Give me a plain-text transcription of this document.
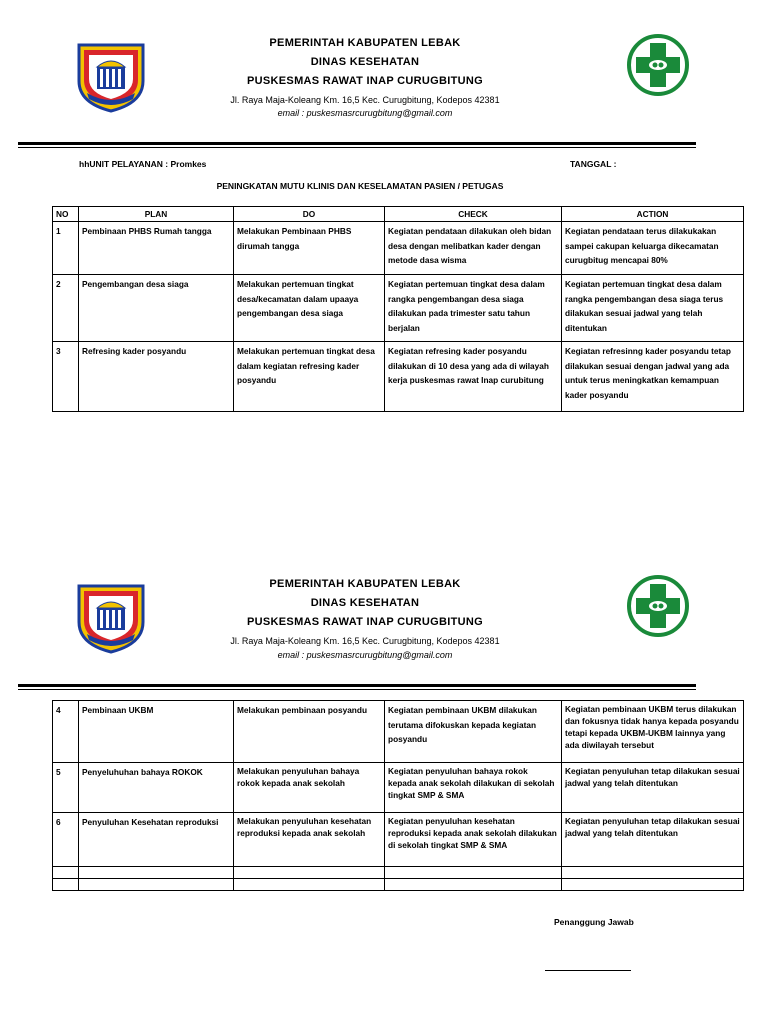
PEMERINTAH KABUPATEN LEBAK
DINAS KESEHATAN
PUSKESMAS RAWAT INAP CURUGBITUNG
Jl. Raya Maja-Koleang Km. 16,5 Kec. Curugbitung, Kodepos 42381
email : puskesmasrcurugbitung@gmail.com
hhUNIT PELAYANAN : Promkes	TANGGAL :
PENINGKATAN MUTU KLINIS DAN KESELAMATAN PASIEN / PETUGAS
NO	PLAN	DO	CHECK	ACTION
1	Pembinaan PHBS Rumah tangga	Melakukan Pembinaan PHBS dirumah tangga	Kegiatan pendataan dilakukan oleh bidan desa dengan melibatkan kader dengan metode dasa wisma	Kegiatan pendataan terus dilakukakan sampei cakupan keluarga dikecamatan curugbitug mencapai 80%
2	Pengembangan desa siaga	Melakukan pertemuan tingkat desa/kecamatan dalam upaaya pengembangan desa siaga	Kegiatan pertemuan tingkat desa dalam rangka pengembangan desa siaga dilakukan pada trimester satu tahun berjalan	Kegiatan pertemuan tingkat desa dalam rangka pengembangan desa siaga terus dilakukan sesuai jadwal yang telah ditentukan
3	Refresing kader posyandu	Melakukan pertemuan tingkat desa dalam kegiatan refresing kader posyandu	Kegiatan refresing kader posyandu dilakukan di 10 desa yang ada di wilayah kerja puskesmas rawat Inap curubitung	Kegiatan refresinng kader posyandu tetap dilakukan sesuai dengan jadwal yang ada untuk terus meningkatkan kemampuan kader posyandu
PEMERINTAH KABUPATEN LEBAK
DINAS KESEHATAN
PUSKESMAS RAWAT INAP CURUGBITUNG
Jl. Raya Maja-Koleang Km. 16,5 Kec. Curugbitung, Kodepos 42381
email : puskesmasrcurugbitung@gmail.com
4	Pembinaan UKBM	Melakukan pembinaan posyandu	Kegiatan pembinaan UKBM dilakukan terutama difokuskan kepada kegiatan posyandu	Kegiatan pembinaan UKBM terus dilakukan dan fokusnya tidak hanya kepada posyandu tetapi kepada UKBM-UKBM lainnya yang ada diwilayah tersebut
5	Penyeluhuhan bahaya ROKOK	Melakukan penyuluhan bahaya rokok kepada anak sekolah	Kegiatan penyuluhan bahaya rokok kepada anak sekolah dilakukan di sekolah tingkat SMP & SMA	Kegiatan penyuluhan tetap dilakukan sesuai jadwal yang telah ditentukan
6	Penyuluhan Kesehatan reproduksi	Melakukan penyuluhan kesehatan reproduksi kepada anak sekolah	Kegiatan penyuluhan kesehatan reproduksi kepada anak sekolah dilakukan di sekolah tingkat SMP & SMA	Kegiatan penyuluhan tetap dilakukan sesuai jadwal yang telah ditentukan

Penanggung Jawab
